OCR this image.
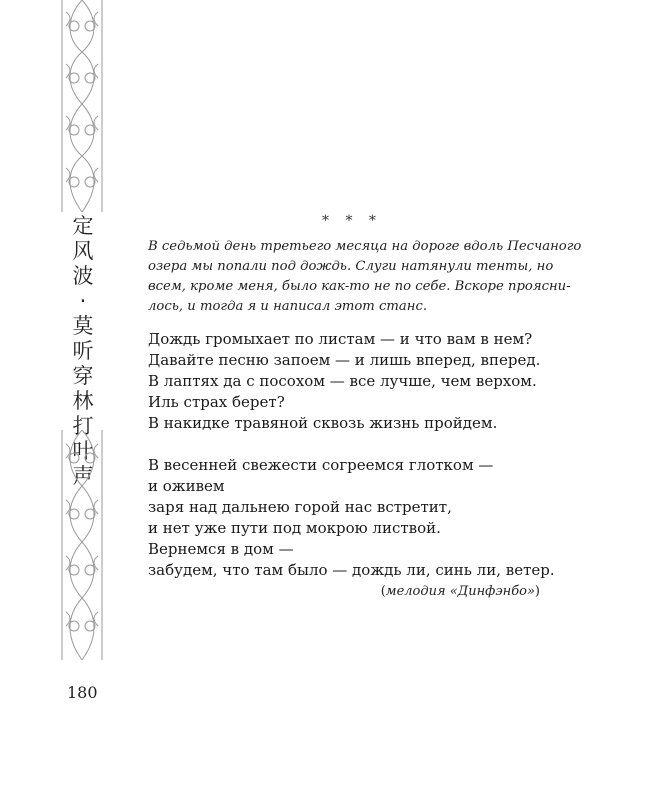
定
风
波
·
莫
听
穿
林
打
叶
声
180
* * *
В седьмой день третьего месяца на дороге вдоль Песчаного
озера мы попали под дождь. Слуги натянули тенты, но
всем, кроме меня, было как-то не по себе. Вскоре проясни-
лось, и тогда я и написал этот станс.
Дождь громыхает по листам — и что вам в нем?
Давайте песню запоем — и лишь вперед, вперед.
В лаптях да с посохом — все лучше, чем верхом.
Иль страх берет?
В накидке травяной сквозь жизнь пройдем.
В весенней свежести согреемся глотком —
и оживем
заря над дальнею горой нас встретит,
и нет уже пути под мокрою листвой.
Вернемся в дом —
забудем, что там было — дождь ли, синь ли, ветер.
(мелодия «Динфэнбо»)
